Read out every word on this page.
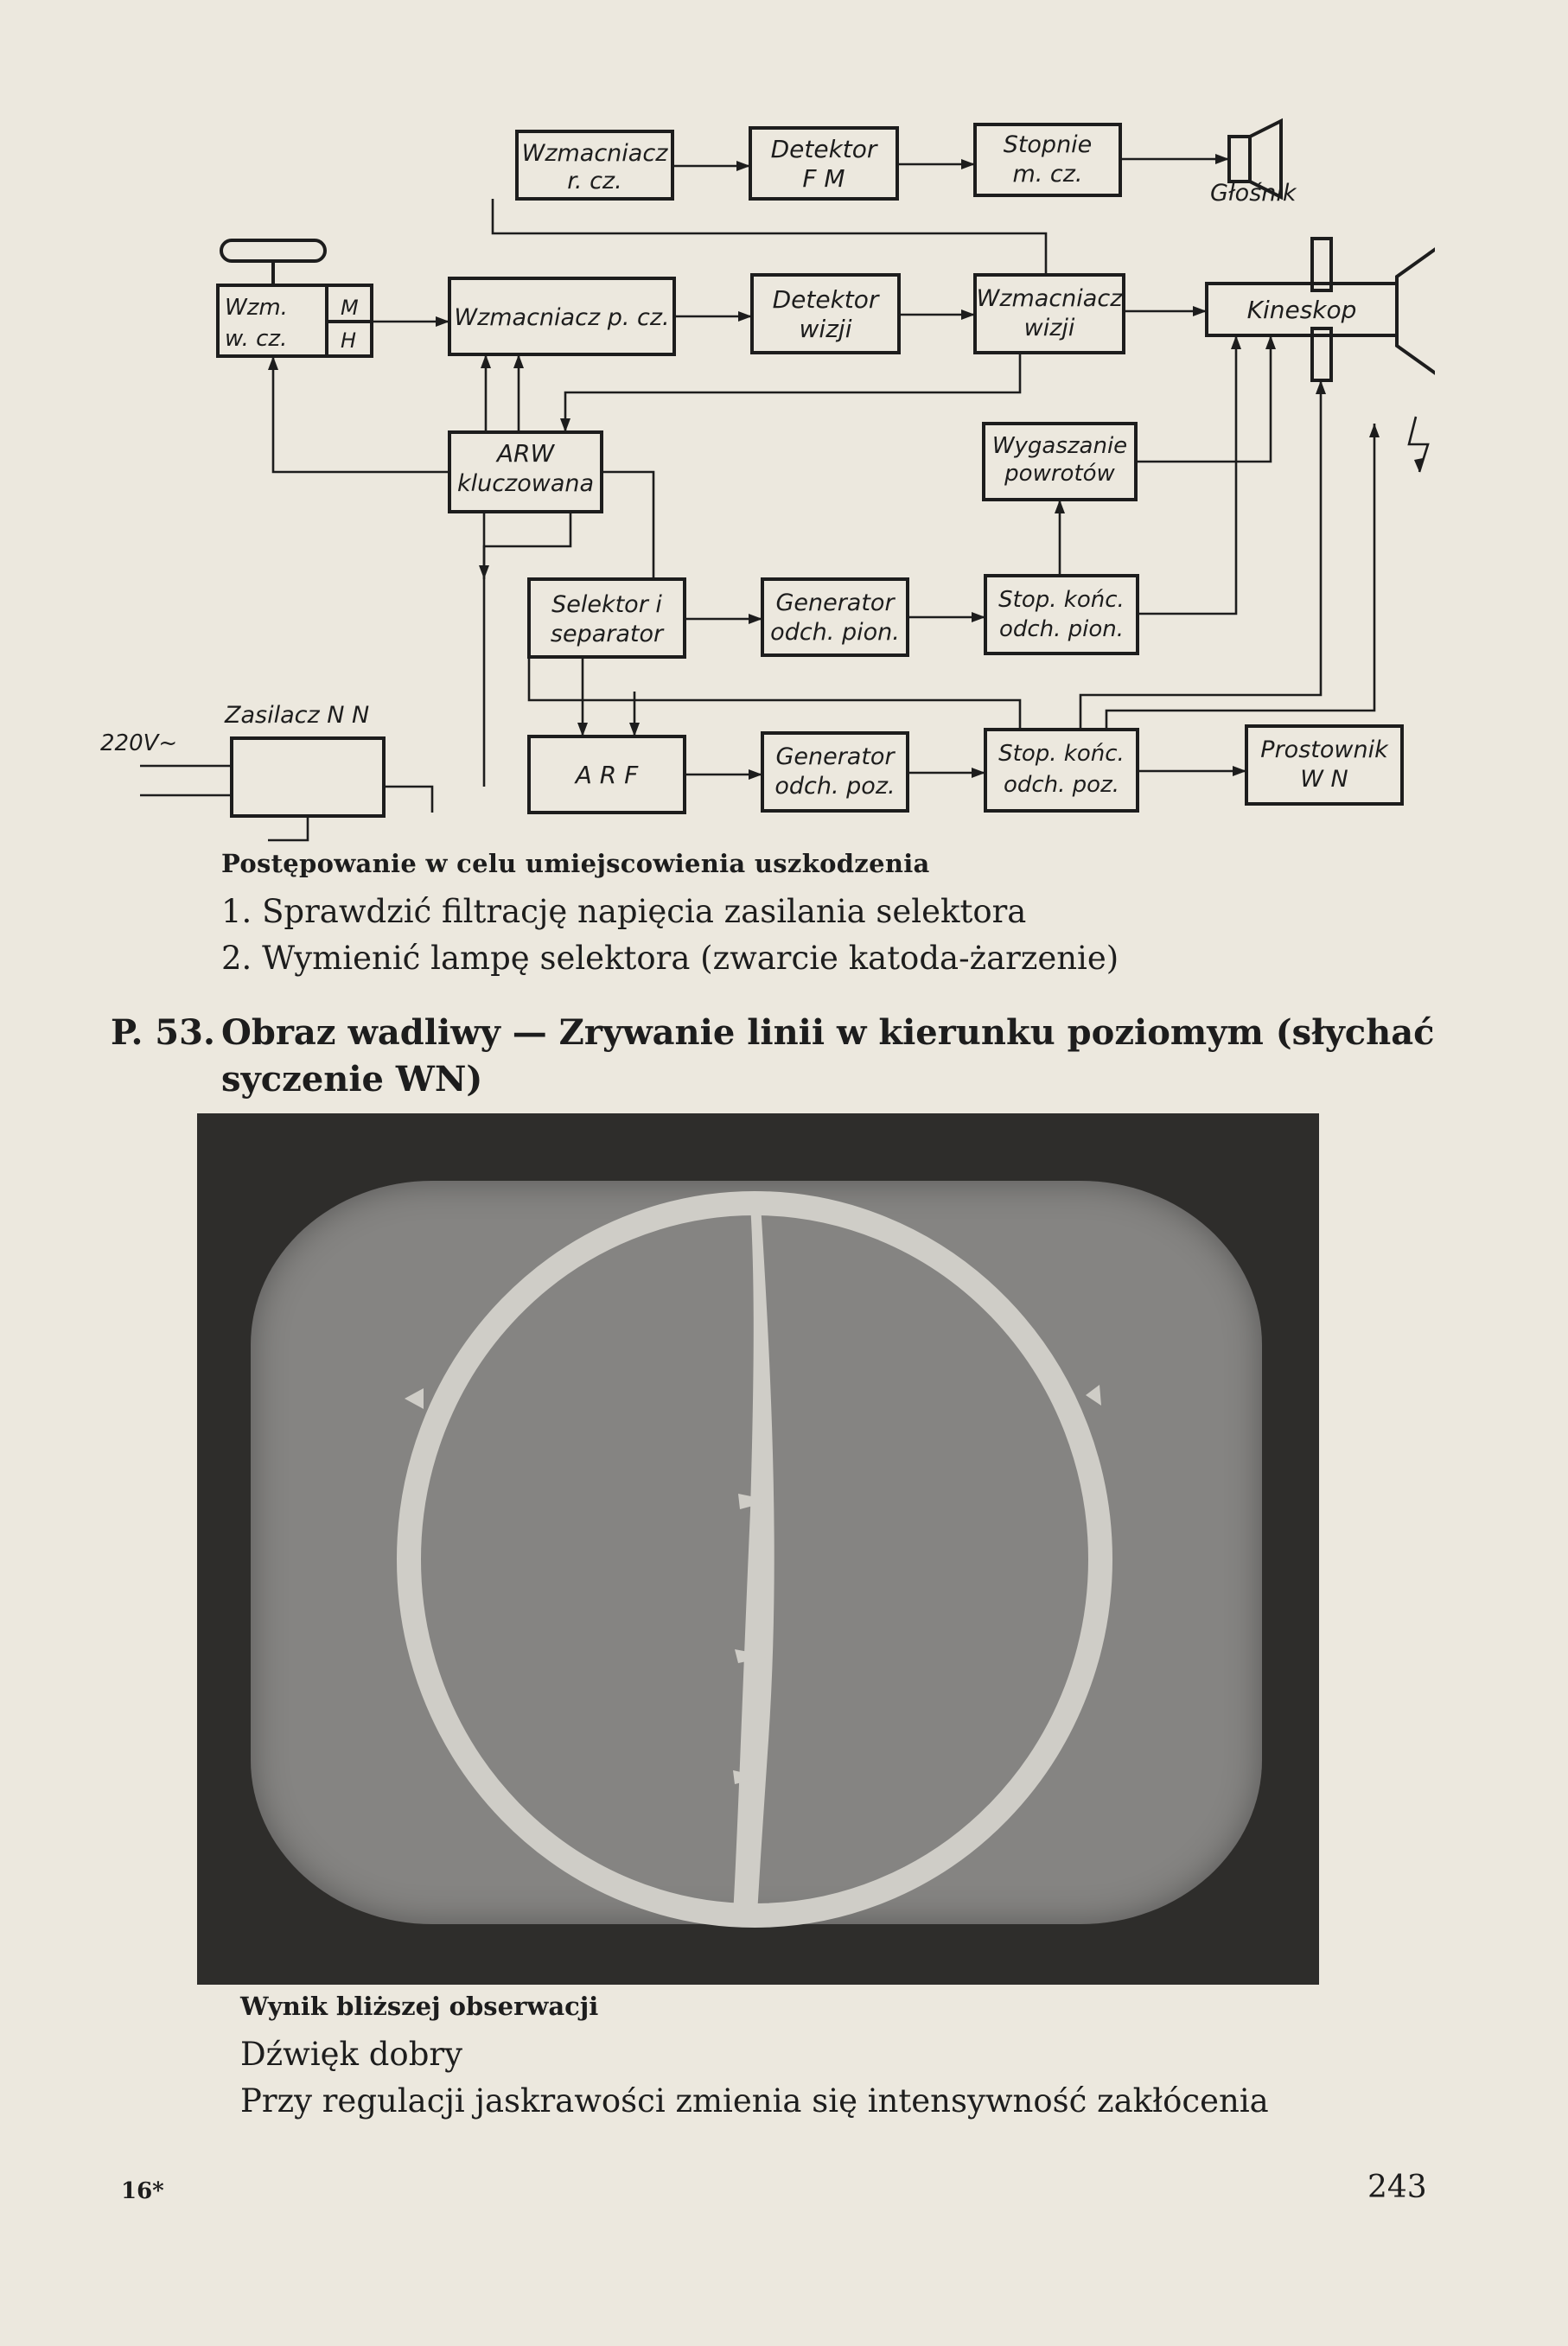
Wzmacniacz
r. cz.
Detektor
F M
Stopnie
m. cz.
Głośnik
Wzm.
w. cz.
M
H
Wzmacniacz p. cz.
Detektor
wizji
Wzmacniacz
wizji
Kineskop
ARW
kluczowana
Wygaszanie
powrotów
Selektor i
separator
Generator
odch. pion.
Stop. końc.
odch. pion.
Zasilacz N N
220V~
A R F
Generator
odch. poz.
Stop. końc.
odch. poz.
Prostownik
W N
Postępowanie w celu umiejscowienia uszkodzenia
1. Sprawdzić filtrację napięcia zasilania selektora
2. Wymienić lampę selektora (zwarcie katoda-żarzenie)
P. 53. Obraz wadliwy — Zrywanie linii w kierunku poziomym (słychać
syczenie WN)
Wynik bliższej obserwacji
Dźwięk dobry
Przy regulacji jaskrawości zmienia się intensywność zakłócenia
16*	243
